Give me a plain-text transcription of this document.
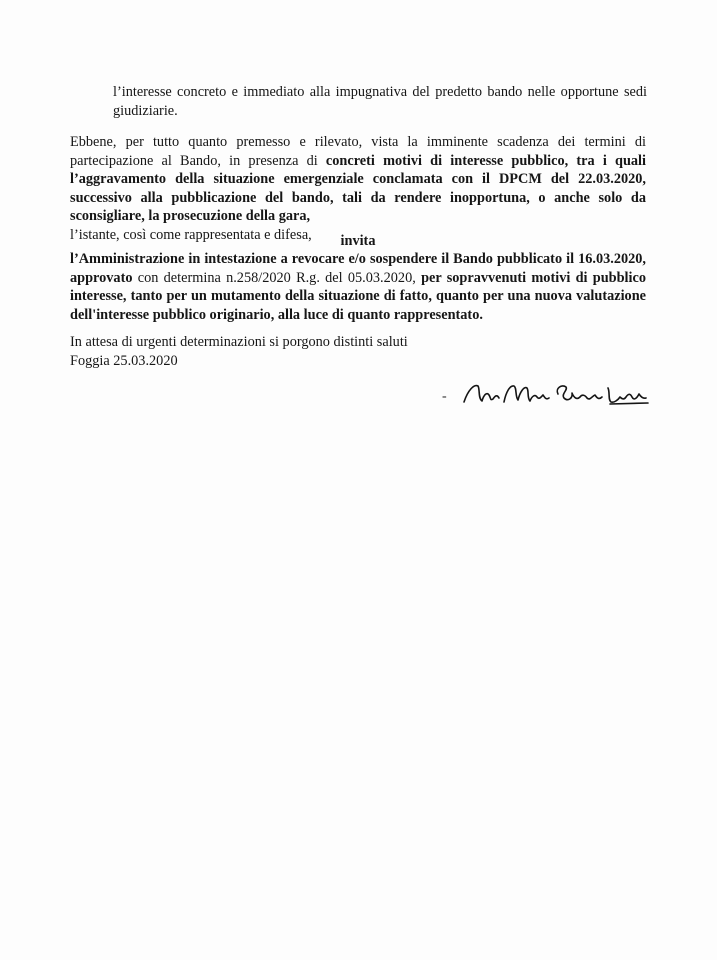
l’interesse concreto e immediato alla impugnativa del predetto bando nelle opportune sedi giudiziarie.

Ebbene, per tutto quanto premesso e rilevato, vista la imminente scadenza dei termini di partecipazione al Bando, in presenza di concreti motivi di interesse pubblico, tra i quali l’aggravamento della situazione emergenziale conclamata con il DPCM del 22.03.2020, successivo alla pubblicazione del bando, tali da rendere inopportuna, o anche solo da sconsigliare, la prosecuzione della gara,
l’istante, così come rappresentata e difesa,	invita

l’Amministrazione in intestazione a revocare e/o sospendere il Bando pubblicato il 16.03.2020, approvato con determina n.258/2020 R.g. del 05.03.2020, per sopravvenuti motivi di pubblico interesse, tanto per un mutamento della situazione di fatto, quanto per una nuova valutazione dell'interesse pubblico originario, alla luce di quanto rappresentato.

In attesa di urgenti determinazioni si porgono distinti saluti
Foggia 25.03.2020
-
